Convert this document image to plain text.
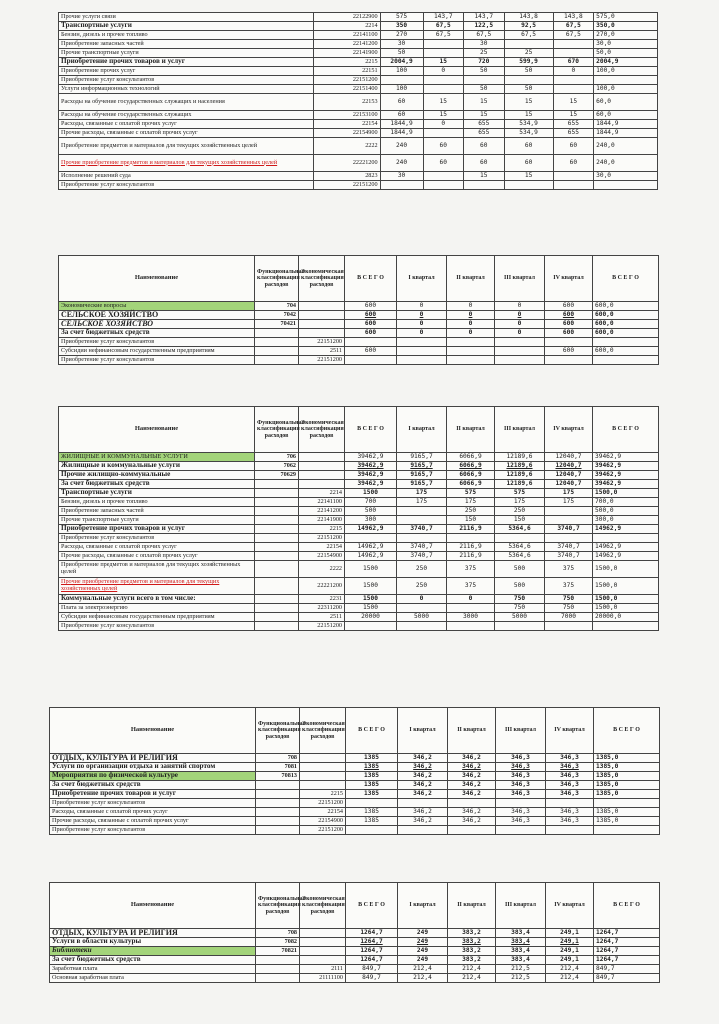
Прочие услуги связи	22122900	575	143,7	143,7	143,8	143,8	575,0
Транспортные услуги	2214	350	67,5	122,5	92,5	67,5	350,0
Бензин, дизель и прочее топливо	22141100	270	67,5	67,5	67,5	67,5	270,0
Приобретение запасных частей	22141200	30		30			30,0
Прочие транспортные услуги	22141900	50		25	25		50,0
Приобретение прочих товаров и услуг	2215	2004,9	15	720	599,9	670	2004,9
Приобретение прочих услуг	22151	100	0	50	50	0	100,0
Приобретение услуг консультантов	22151200						
Услуги информационных технологий	22151400	100		50	50		100,0
Расходы на обучение государственных служащих и населения	22153	60	15	15	15	15	60,0
Расходы на обучение государственных служащих	22153100	60	15	15	15	15	60,0
Расходы, связанные с оплатой прочих услуг	22154	1844,9	0	655	534,9	655	1844,9
Прочие расходы, связанные с оплатой прочих услуг	22154900	1844,9		655	534,9	655	1844,9
Приобретение предметов и материалов для текущих хозяйственных целей	2222	240	60	60	60	60	240,0
Прочие приобретение предметов и материалов для текущих хозяйственных целей	22221200	240	60	60	60	60	240,0
Исполнение решений суда	2823	30		15	15		30,0
Приобретение услуг консультантов	22151200						
Наименование	Функциональная классификация расходов	Экономическая классификация расходов	В С Е Г О	I квартал	II квартал	III квартал	IV квартал	В С Е Г О
Экономические вопросы	704		600	0	0	0	600	600,0
СЕЛЬСКОЕ ХОЗЯЙСТВО	7042		600	0	0	0	600	600,0
СЕЛЬСКОЕ ХОЗЯЙСТВО	70421		600	0	0	0	600	600,0
За счет бюджетных средств			600	0	0	0	600	600,0
Приобретение услуг консультантов		22151200						
Субсидии нефинансовым государственным предприятиям		2511	600				600	600,0
Приобретение услуг консультантов		22151200						
Наименование	Функциональная классификация расходов	Экономическая классификация расходов	В С Е Г О	I квартал	II квартал	III квартал	IV квартал	В С Е Г О
ЖИЛИЩНЫЕ И КОММУНАЛЬНЫЕ УСЛУГИ	706		39462,9	9165,7	6066,9	12189,6	12040,7	39462,9
Жилищные и коммунальные услуги	7062		39462,9	9165,7	6066,9	12189,6	12040,7	39462,9
Прочие жилищно-коммунальные	70629		39462,9	9165,7	6066,9	12189,6	12040,7	39462,9
За счет бюджетных средств			39462,9	9165,7	6066,9	12189,6	12040,7	39462,9
Транспортные услуги		2214	1500	175	575	575	175	1500,0
Бензин, дизель и прочее топливо		22141100	700	175	175	175	175	700,0
Приобретение запасных частей		22141200	500		250	250		500,0
Прочие транспортные услуги		22141900	300		150	150		300,0
Приобретение прочих товаров и услуг		2215	14962,9	3740,7	2116,9	5364,6	3740,7	14962,9
Приобретение услуг консультантов		22151200						
Расходы, связанные с оплатой прочих услуг		22154	14962,9	3740,7	2116,9	5364,6	3740,7	14962,9
Прочие расходы, связанные с оплатой прочих услуг		22154900	14962,9	3740,7	2116,9	5364,6	3740,7	14962,9
Приобретение предметов и материалов для текущих хозяйственных целей		2222	1500	250	375	500	375	1500,0
Прочие приобретение предметов и материалов для текущих хозяйственных целей		22221200	1500	250	375	500	375	1500,0
Коммунальные услуги всего в том числе:		2231	1500	0	0	750	750	1500,0
Плата за электроэнергию		22311200	1500			750	750	1500,0
Субсидии нефинансовым государственным предприятиям		2511	20000	5000	3000	5000	7000	20000,0
Приобретение услуг консультантов		22151200						
Наименование	Функциональная классификация расходов	Экономическая классификация расходов	В С Е Г О	I квартал	II квартал	III квартал	IV квартал	В С Е Г О
ОТДЫХ, КУЛЬТУРА И РЕЛИГИЯ	708		1385	346,2	346,2	346,3	346,3	1385,0
Услуги по организации отдыха и занятий спортом	7081		1385	346,2	346,2	346,3	346,3	1385,0
Мероприятия по физической культуре	70813		1385	346,2	346,2	346,3	346,3	1385,0
За счет бюджетных средств			1385	346,2	346,2	346,3	346,3	1385,0
Приобретение прочих товаров и услуг		2215	1385	346,2	346,2	346,3	346,3	1385,0
Приобретение услуг консультантов		22151200						
Расходы, связанные с оплатой прочих услуг		22154	1385	346,2	346,2	346,3	346,3	1385,0
Прочие расходы, связанные с оплатой прочих услуг		22154900	1385	346,2	346,2	346,3	346,3	1385,0
Приобретение услуг консультантов		22151200						
Наименование	Функциональная классификация расходов	Экономическая классификация расходов	В С Е Г О	I квартал	II квартал	III квартал	IV квартал	В С Е Г О
ОТДЫХ, КУЛЬТУРА И РЕЛИГИЯ	708		1264,7	249	383,2	383,4	249,1	1264,7
Услуги в области культуры	7082		1264,7	249	383,2	383,4	249,1	1264,7
Библиотеки	70821		1264,7	249	383,2	383,4	249,1	1264,7
За счет бюджетных средств			1264,7	249	383,2	383,4	249,1	1264,7
Заработная плата		2111	849,7	212,4	212,4	212,5	212,4	849,7
Основная заработная плата		21111100	849,7	212,4	212,4	212,5	212,4	849,7
